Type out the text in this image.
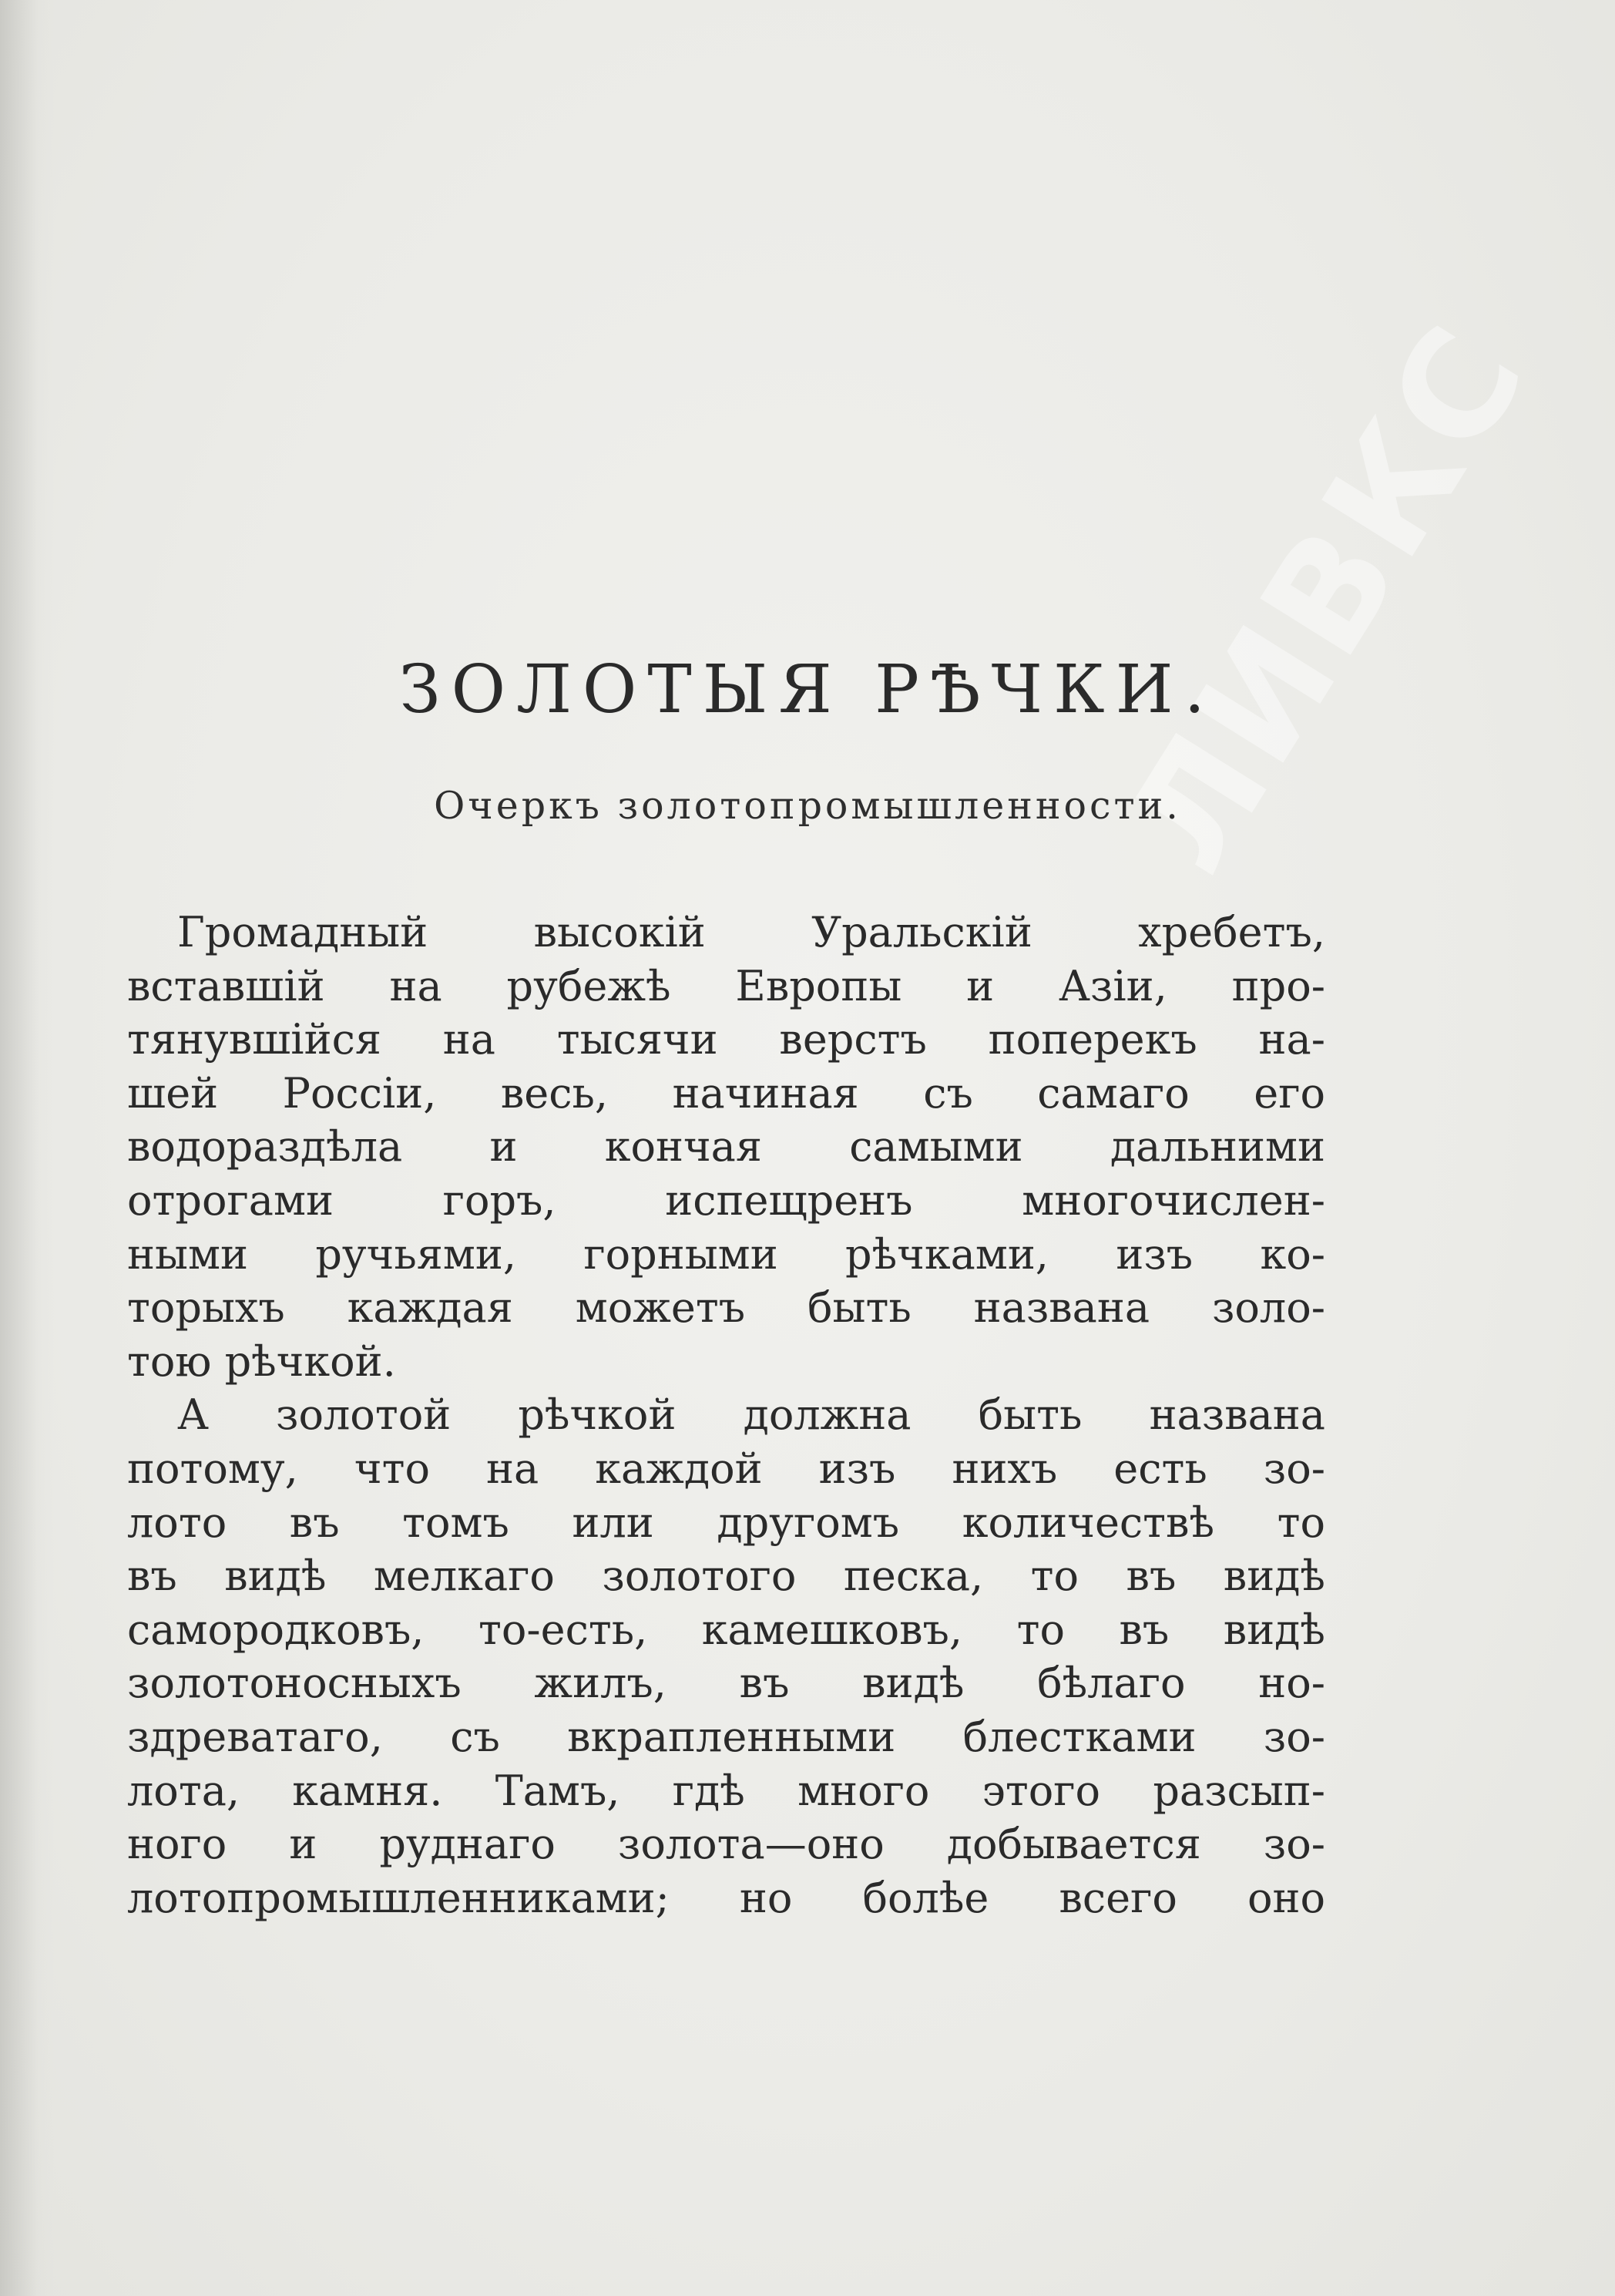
ЛИВКС
ЗОЛОТЫЯ РѢЧКИ.
Очеркъ золотопромышленности.
Громадный высокій Уральскій хребетъ,
вставшій на рубежѣ Европы и Азіи, про-
тянувшійся на тысячи верстъ поперекъ на-
шей Россіи, весь, начиная съ самаго его
водораздѣла и кончая самыми дальними
отрогами горъ, испещренъ многочислен-
ными ручьями, горными рѣчками, изъ ко-
торыхъ каждая можетъ быть названа золо-
тою рѣчкой.
А золотой рѣчкой должна быть названа
потому, что на каждой изъ нихъ есть зо-
лото въ томъ или другомъ количествѣ то
въ видѣ мелкаго золотого песка, то въ видѣ
самородковъ, то-есть, камешковъ, то въ видѣ
золотоносныхъ жилъ, въ видѣ бѣлаго но-
здреватаго, съ вкрапленными блестками зо-
лота, камня. Тамъ, гдѣ много этого разсып-
ного и руднаго золота—оно добывается зо-
лотопромышленниками; но болѣе всего оно
